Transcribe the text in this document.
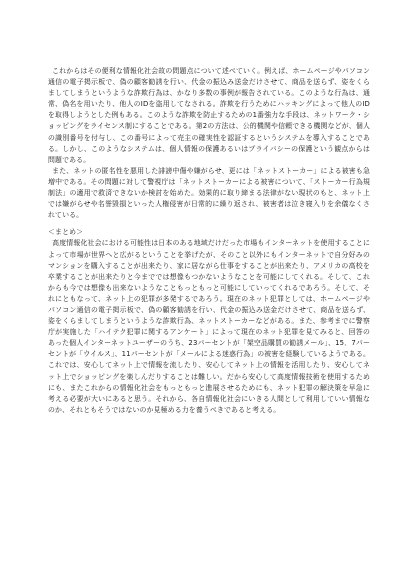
これからはその便利な情報化社会故の問題点について述べていく。例えば、ホームページやパソコン通信の電子掲示板で、偽の顧客勧誘を行い、代金の振込み送金だけさせて、商品を送らず、姿をくらましてしまうというような詐欺行為は、かなり多数の事例が報告されている。このような行為は、通常、偽名を用いたり、他人のIDを盗用してなされる。詐欺を行うためにハッキングによって他人のIDを取得しようとした例もある。このような詐欺を防止するための1番強力な手段は、ネットワーク・ショッピングをライセンス制にすることである。第2の方法は、公的機関や信頼できる機関などが、個人の識別番号を付与し、この番号によって売主の確実性を認証するというシステムを導入することである。しかし、このようなシステムは、個人情報の保護あるいはプライバシーの保護という観点からは問題である。

また、ネットの匿名性を悪用した誹謗中傷や嫌がらせ、更には「ネットストーカー」による被害も急増中である。その問題に対して警視庁は「ネットストーカーによる被害について、「ストーカー行為規制法」の適用で救済できないか検討を始めた。効果的に取り締まる法律がない現状のもと、ネット上では嫌がらせや名誉毀損といった人権侵害が日常的に繰り返され、被害者は泣き寝入りを余儀なくされている。

＜まとめ＞

高度情報化社会における可能性は日本のある地域だけだった市場もインターネットを使用することによって市場が世界へと広がるということを挙げたが、そのこと以外にもインターネットで自分好みのマンションを購入することが出来たり、家に居ながら仕事をすることが出来たり、アメリカの高校を卒業することが出来たりと今まででは想像もつかないようなことを可能にしてくれる。そして、これからも今では想像も出来ないようなこともっともっと可能にしていってくれるであろう。そして、それにともなって、ネット上の犯罪が多発するであろう。現在のネット犯罪としては、ホームページやパソコン通信の電子掲示板で、偽の顧客勧誘を行い、代金の振込み送金だけさせて、商品を送らず、姿をくらましてしまうというような詐欺行為、ネットストーカーなどがある。また、参考までに警察庁が実施した「ハイテク犯罪に関するアンケート」によって現在のネット犯罪を見てみると、回答のあった個人インターネットユーザーのうち、23パーセントが「架空品購買の勧誘メール」、15．7パーセントが「ウイルス」、11パーセントが「メールによる迷惑行為」の被害を経験しているようである。これでは、安心してネット上で情報を流したり、安心してネット上の情報を活用したり、安心してネット上でショッピングを楽しんだりすることは難しい。だから安心して高度情報技術を使用するためにも、またこれからの情報化社会をもっともっと進展させるためにも、ネット犯罪の解決策を早急に考える必要が大いにあると思う。それから、各自情報化社会にいきる人間として利用していい情報なのか、それともそうではないのか見極める力を養うべきであると考える。
